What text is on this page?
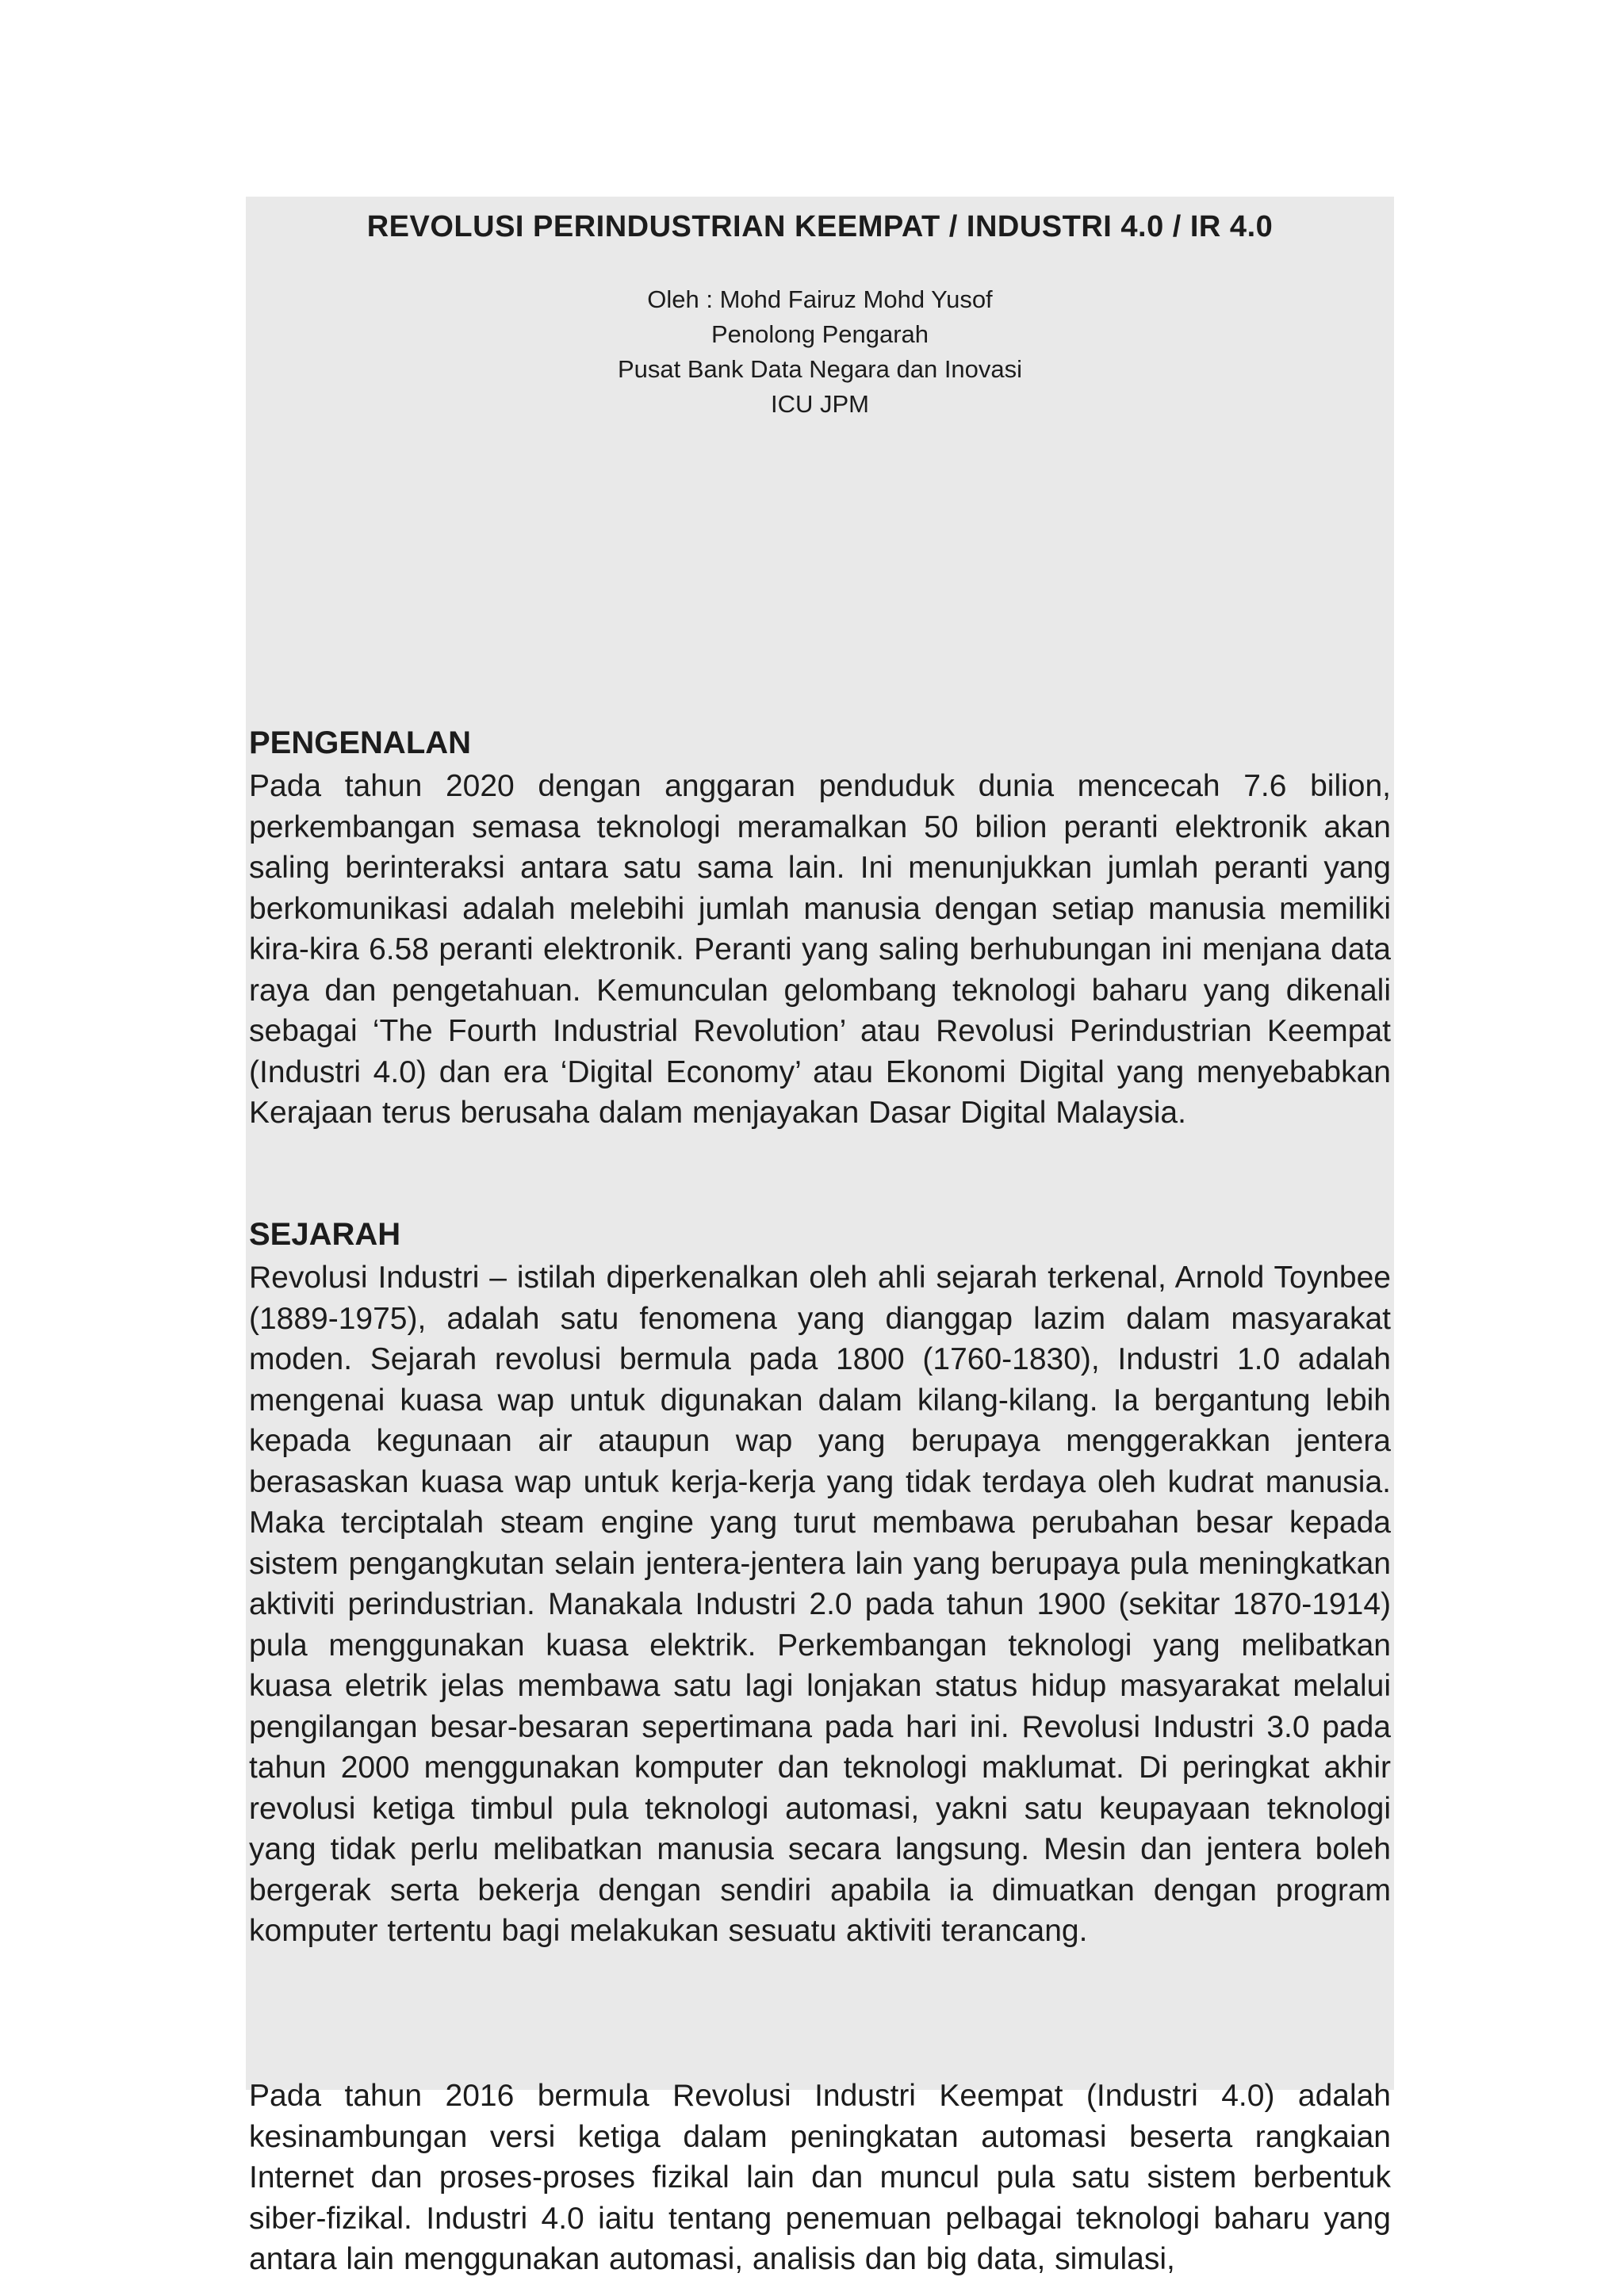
REVOLUSI PERINDUSTRIAN KEEMPAT / INDUSTRI 4.0 / IR 4.0
Oleh : Mohd Fairuz Mohd Yusof
Penolong Pengarah
Pusat Bank Data Negara dan Inovasi
ICU JPM
PENGENALAN

Pada tahun 2020 dengan anggaran penduduk dunia mencecah 7.6 bilion, perkembangan semasa teknologi meramalkan 50 bilion peranti elektronik akan saling berinteraksi antara satu sama lain. Ini menunjukkan jumlah peranti yang berkomunikasi adalah melebihi jumlah manusia dengan setiap manusia memiliki kira-kira 6.58 peranti elektronik. Peranti yang saling berhubungan ini menjana data raya dan pengetahuan. Kemunculan gelombang teknologi baharu yang dikenali sebagai ‘The Fourth Industrial Revolution’ atau Revolusi Perindustrian Keempat (Industri 4.0) dan era ‘Digital Economy’ atau Ekonomi Digital yang menyebabkan Kerajaan terus berusaha dalam menjayakan Dasar Digital Malaysia.

SEJARAH

Revolusi Industri – istilah diperkenalkan oleh ahli sejarah terkenal, Arnold Toynbee (1889-1975), adalah satu fenomena yang dianggap lazim dalam masyarakat moden. Sejarah revolusi bermula pada 1800 (1760-1830), Industri 1.0 adalah mengenai kuasa wap untuk digunakan dalam kilang-kilang. Ia bergantung lebih kepada kegunaan air ataupun wap yang berupaya menggerakkan jentera berasaskan kuasa wap untuk kerja-kerja yang tidak terdaya oleh kudrat manusia. Maka terciptalah steam engine yang turut membawa perubahan besar kepada sistem pengangkutan selain jentera-jentera lain yang berupaya pula meningkatkan aktiviti perindustrian. Manakala Industri 2.0 pada tahun 1900 (sekitar 1870-1914) pula menggunakan kuasa elektrik. Perkembangan teknologi yang melibatkan kuasa eletrik jelas membawa satu lagi lonjakan status hidup masyarakat melalui pengilangan besar-besaran sepertimana pada hari ini. Revolusi Industri 3.0 pada tahun 2000 menggunakan komputer dan teknologi maklumat. Di peringkat akhir revolusi ketiga timbul pula teknologi automasi, yakni satu keupayaan teknologi yang tidak perlu melibatkan manusia secara langsung. Mesin dan jentera boleh bergerak serta bekerja dengan sendiri apabila ia dimuatkan dengan program komputer tertentu bagi melakukan sesuatu aktiviti terancang.

Pada tahun 2016 bermula Revolusi Industri Keempat (Industri 4.0) adalah kesinambungan versi ketiga dalam peningkatan automasi beserta rangkaian Internet dan proses-proses fizikal lain dan muncul pula satu sistem berbentuk siber-fizikal. Industri 4.0 iaitu tentang penemuan pelbagai teknologi baharu yang antara lain menggunakan automasi, analisis dan big data, simulasi,
